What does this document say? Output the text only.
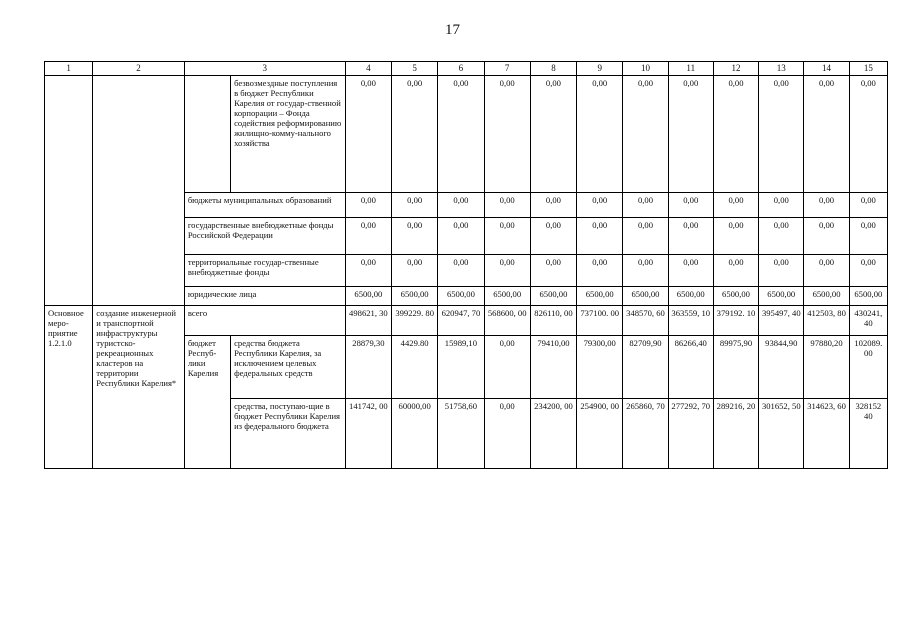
17
1	2	3		4	5	6	7	8	9	10	11	12	13	14	15
			безвозмездные поступления в бюджет Республики Карелия от государ-ственной корпорации – Фонда содействия реформированию жилищно-комму-нального хозяйства	0,00	0,00	0,00	0,00	0,00	0,00	0,00	0,00	0,00	0,00	0,00	0,00
		бюджеты муниципальных образований		0,00	0,00	0,00	0,00	0,00	0,00	0,00	0,00	0,00	0,00	0,00	0,00
		государственные внебюджетные фонды Российской Федерации		0,00	0,00	0,00	0,00	0,00	0,00	0,00	0,00	0,00	0,00	0,00	0,00
		территориальные государ-ственные внебюджетные фонды		0,00	0,00	0,00	0,00	0,00	0,00	0,00	0,00	0,00	0,00	0,00	0,00
		юридические лица		6500,00	6500,00	6500,00	6500,00	6500,00	6500,00	6500,00	6500,00	6500,00	6500,00	6500,00	6500,00
Основное меро-приятие 1.2.1.0	создание инженерной и транспортной инфраструктуры туристско-рекреационных кластеров на территории Республики Карелия*	всего		498621, 30	399229. 80	620947, 70	568600, 00	826110, 00	737100. 00	348570, 60	363559, 10	379192. 10	395497, 40	412503, 80	430241, 40
		бюджет Респуб-лики Карелия	средства бюджета Республики Карелия, за исключением целевых федеральных средств	28879,30	4429.80	15989,10	0,00	79410,00	79300,00	82709,90	86266,40	89975,90	93844,90	97880,20	102089. 00
			средства, поступаю-щие в бюджет Республики Карелия из федерального бюджета	141742, 00	60000,00	51758,60	0,00	234200, 00	254900, 00	265860, 70	277292, 70	289216, 20	301652, 50	314623, 60	328152 40
